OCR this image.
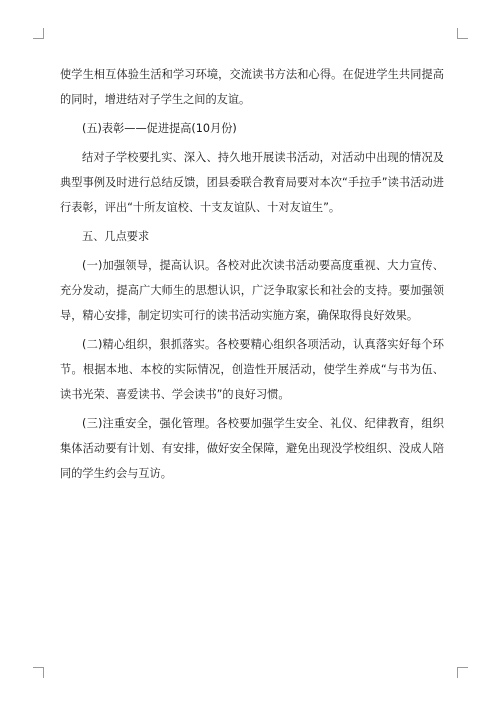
使学生相互体验生活和学习环境，交流读书方法和心得。在促进学生共同提高的同时，增进结对子学生之间的友谊。

(五)表彰——促进提高(10月份)

结对子学校要扎实、深入、持久地开展读书活动，对活动中出现的情况及典型事例及时进行总结反馈，团县委联合教育局要对本次“手拉手”读书活动进行表彰，评出“十所友谊校、十支友谊队、十对友谊生”。

五、几点要求

(一)加强领导，提高认识。各校对此次读书活动要高度重视、大力宣传、充分发动，提高广大师生的思想认识，广泛争取家长和社会的支持。要加强领导，精心安排，制定切实可行的读书活动实施方案，确保取得良好效果。

(二)精心组织，狠抓落实。各校要精心组织各项活动，认真落实好每个环节。根据本地、本校的实际情况，创造性开展活动，使学生养成“与书为伍、读书光荣、喜爱读书、学会读书”的良好习惯。

(三)注重安全，强化管理。各校要加强学生安全、礼仪、纪律教育，组织集体活动要有计划、有安排，做好安全保障，避免出现没学校组织、没成人陪同的学生约会与互访。
